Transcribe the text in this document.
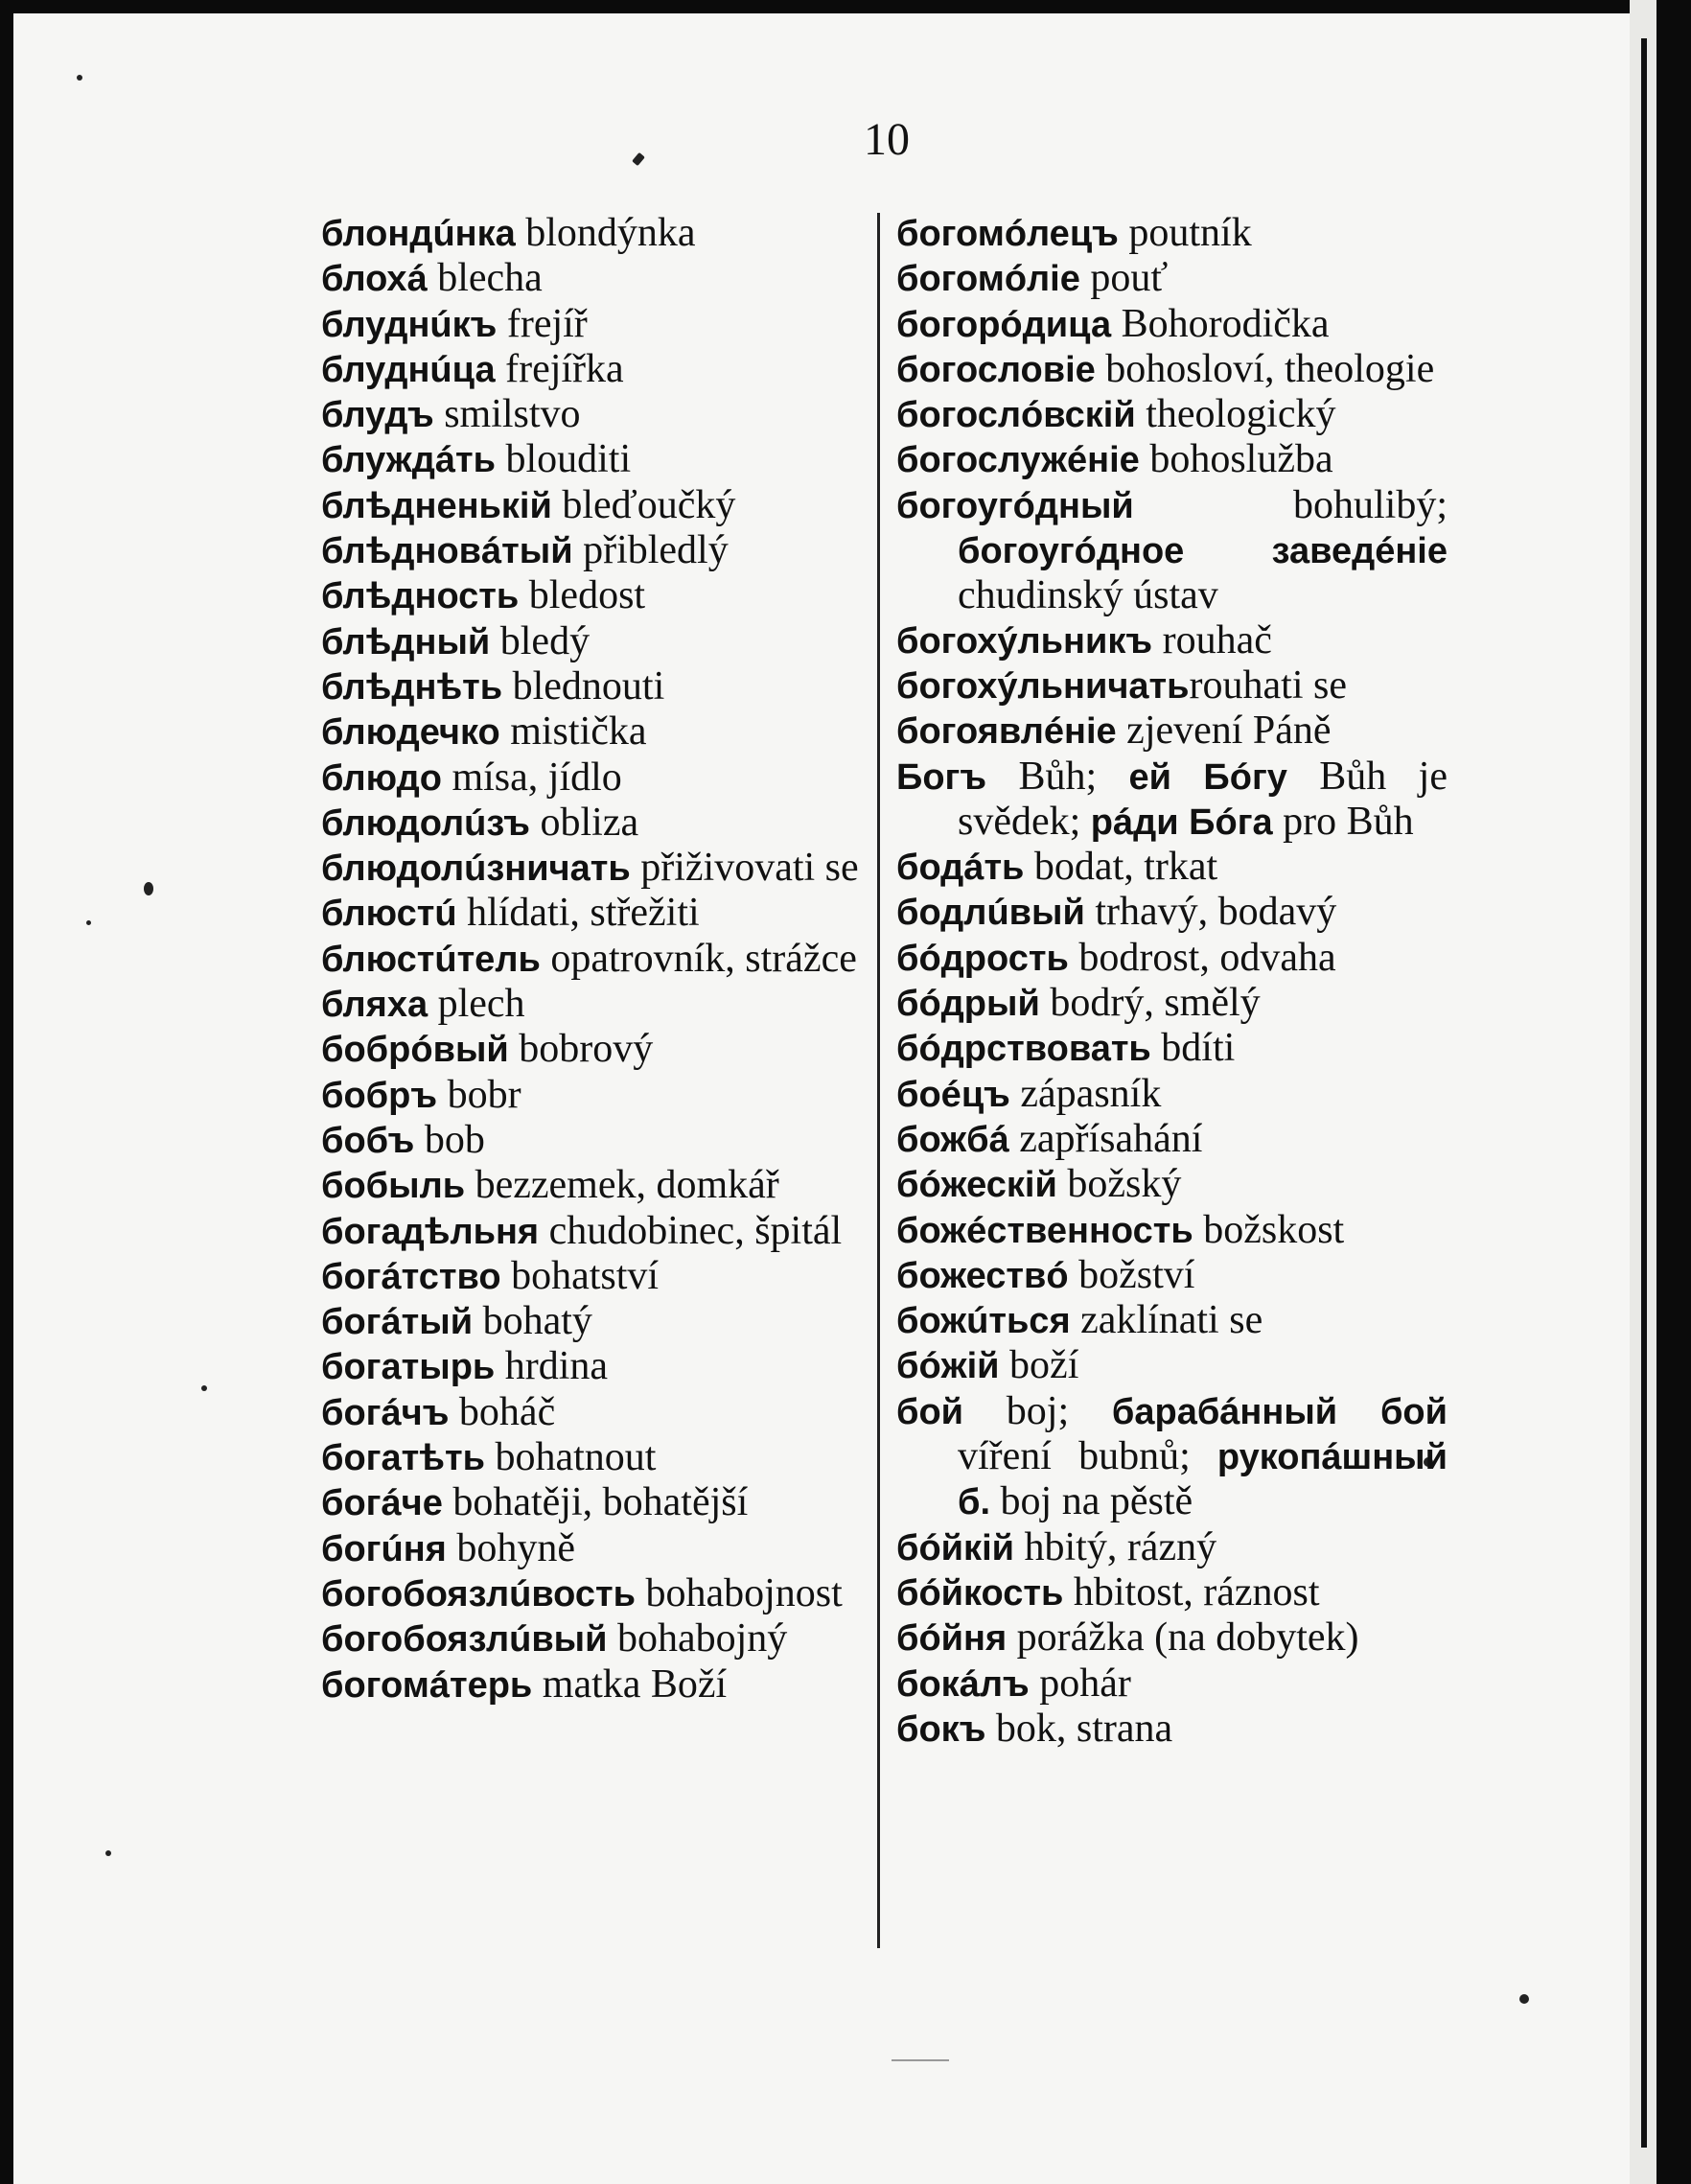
10
блондúнка blondýnka
блохá blecha
блуднúкъ frejíř
блуднúца frejířka
блудъ smilstvo
блуждáть blouditi
блѣдненькій bleďoučký
блѣдновáтый přibledlý
блѣдность bledost
блѣдный bledý
блѣднѣть blednouti
блюдечко mistička
блюдо mísa, jídlo
блюдолúзъ obliza
блюдолúзничать přiživovati se
блюстú hlídati, střežiti
блюстúтель opatrovník, strážce
бляха plech
бобрóвый bobrový
бобръ bobr
бобъ bob
бобыль bezzemek, domkář
богадѣльня chudobinec, špitál
богáтство bohatství
богáтый bohatý
богатырь hrdina
богáчъ boháč
богатѣть bohatnout
богáче bohatěji, bohatější
богúня bohyně
богобоязлúвость bohabojnost
богобоязлúвый bohabojný
богомáтерь matka Boží
богомóлецъ poutník
богомóліе pouť
богорóдица Bohorodička
богословіе bohosloví, theologie
богослóвскій theologický
богослужéніе bohoslužba
богоугóдный bohulibý; богоугóдное заведéніе chudinský ústav
богохýльникъ rouhač
богохýльничатьrouhati se
богоявлéніе zjevení Páně
Богъ Bůh; ей Бóгу Bůh je svědek; рáди Бóга pro Bůh
бодáть bodat, trkat
бодлúвый trhavý, bodavý
бóдрость bodrost, odvaha
бóдрый bodrý, smělý
бóдрствовать bdíti
боéцъ zápasník
божбá zapřísahání
бóжескій božský
божéственность božskost
божествó božství
божúться zaklínati se
бóжій boží
бой boj; барабáнный бой víření bubnů; рукопáшный б. boj na pěstě
бóйкій hbitý, rázný
бóйкость hbitost, ráznost
бóйня porážka (na dobytek)
бокáлъ pohár
бокъ bok, strana
